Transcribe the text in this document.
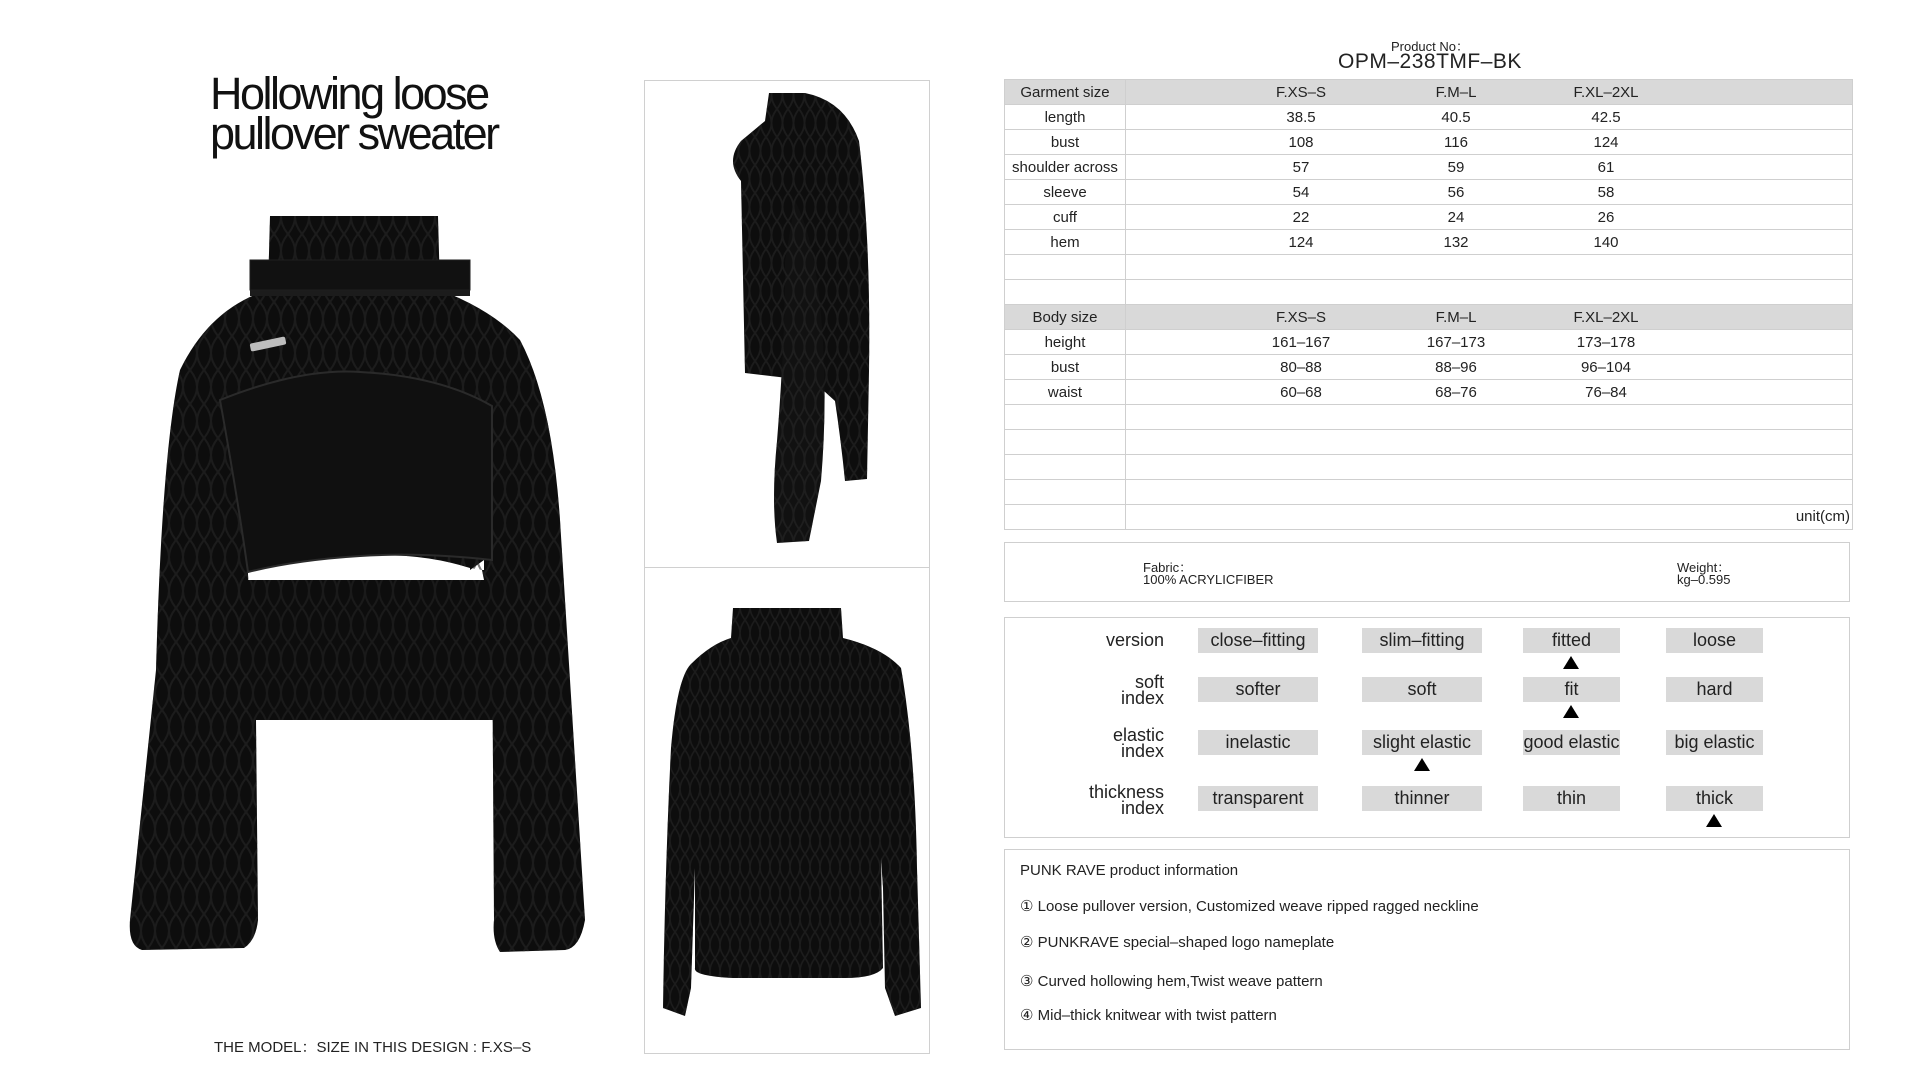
Hollowing loose
pullover sweater
THE MODEL：SIZE IN THIS DESIGN : F.XS–S
Product No：
OPM–238TMF–BK
Garment size	F.XS–S F.M–L F.XL–2XL

length	38.5 40.5 42.5

bust	108 116 124

shoulder across	57 59 61

sleeve	54 56 58

cuff	22 24 26

hem	124 132 140

Body size	F.XS–S F.M–L F.XL–2XL

height	161–167 167–173 173–178

bust	80–88 88–96 96–104

waist	60–68 68–76 76–84

	unit(cm)
Fabric：
100% ACRYLICFIBER
Weight：
kg–0.595
version	close–fitting	slim–fitting	fitted	loose
soft
index	softer	soft	fit	hard
elastic
index	inelastic	slight elastic	good elastic	big elastic
thickness
index	transparent	thinner	thin	thick
PUNK RAVE product information
① Loose pullover version, Customized weave ripped ragged neckline
② PUNKRAVE special–shaped logo nameplate
③ Curved hollowing hem,Twist weave pattern
④ Mid–thick knitwear with twist pattern
